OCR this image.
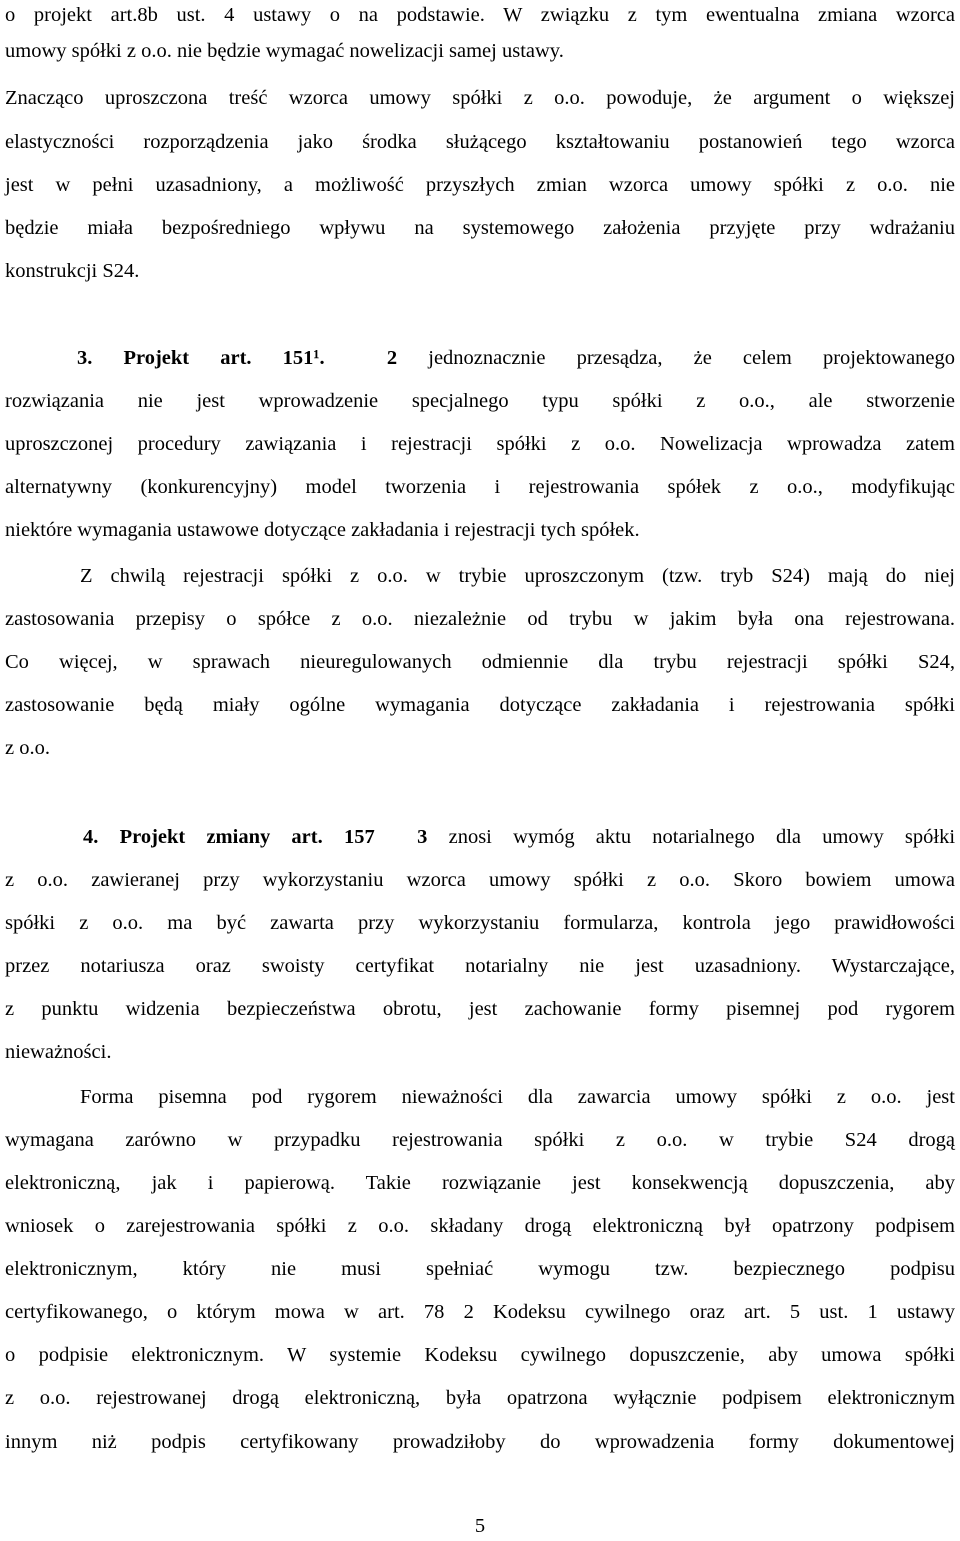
o projekt art.8b ust. 4 ustawy o na podstawie. W związku z tym ewentualna zmiana wzorca
umowy spółki z o.o. nie będzie wymagać nowelizacji samej ustawy.
Znacząco uproszczona treść wzorca umowy spółki z o.o. powoduje, że argument o większej
elastyczności rozporządzenia jako środka służącego kształtowaniu postanowień tego wzorca
jest w pełni uzasadniony, a możliwość przyszłych zmian wzorca umowy spółki z o.o. nie
będzie miała bezpośredniego wpływu na systemowego założenia przyjęte przy wdrażaniu
konstrukcji S24.
3. Projekt art. 151¹.	2 jednoznacznie przesądza, że celem projektowanego
rozwiązania nie jest wprowadzenie specjalnego typu spółki z o.o., ale stworzenie
uproszczonej procedury zawiązania i rejestracji spółki z o.o. Nowelizacja wprowadza zatem
alternatywny (konkurencyjny) model tworzenia i rejestrowania spółek z o.o., modyfikując
niektóre wymagania ustawowe dotyczące zakładania i rejestracji tych spółek.
Z chwilą rejestracji spółki z o.o. w trybie uproszczonym (tzw. tryb S24) mają do niej
zastosowania przepisy o spółce z o.o. niezależnie od trybu w jakim była ona rejestrowana.
Co więcej, w sprawach nieuregulowanych odmiennie dla trybu rejestracji spółki S24,
zastosowanie będą miały ogólne wymagania dotyczące zakładania i rejestrowania spółki
z o.o.
4. Projekt zmiany art. 157 3 znosi wymóg aktu notarialnego dla umowy spółki
z o.o. zawieranej przy wykorzystaniu wzorca umowy spółki z o.o. Skoro bowiem umowa
spółki z o.o. ma być zawarta przy wykorzystaniu formularza, kontrola jego prawidłowości
przez notariusza oraz swoisty certyfikat notarialny nie jest uzasadniony. Wystarczające,
z punktu widzenia bezpieczeństwa obrotu, jest zachowanie formy pisemnej pod rygorem
nieważności.
Forma pisemna pod rygorem nieważności dla zawarcia umowy spółki z o.o. jest
wymagana zarówno w przypadku rejestrowania spółki z o.o. w trybie S24 drogą
elektroniczną, jak i papierową. Takie rozwiązanie jest konsekwencją dopuszczenia, aby
wniosek o zarejestrowania spółki z o.o. składany drogą elektroniczną był opatrzony podpisem
elektronicznym, który nie musi spełniać wymogu tzw. bezpiecznego podpisu
certyfikowanego, o którym mowa w art. 78 2 Kodeksu cywilnego oraz art. 5 ust. 1 ustawy
o podpisie elektronicznym. W systemie Kodeksu cywilnego dopuszczenie, aby umowa spółki
z o.o. rejestrowanej drogą elektroniczną, była opatrzona wyłącznie podpisem elektronicznym
innym niż podpis certyfikowany prowadziłoby do wprowadzenia formy dokumentowej
5
